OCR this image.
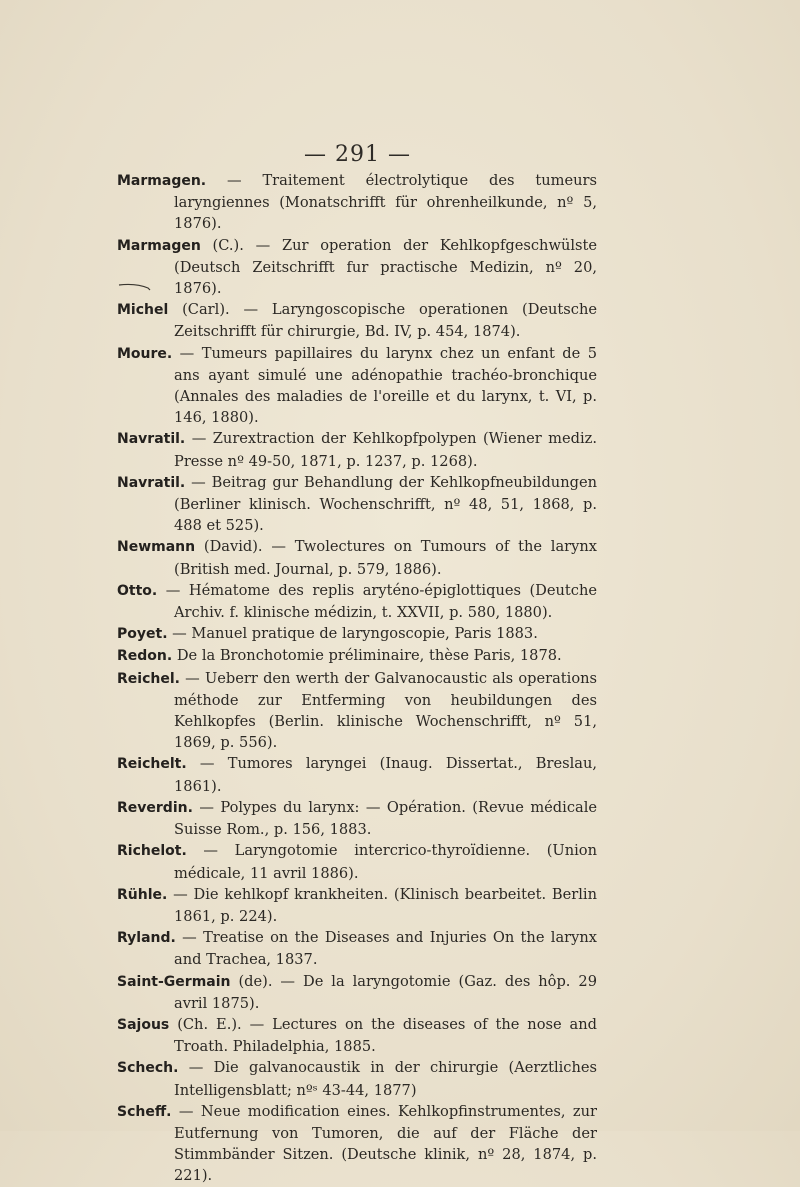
— 291 —

Marmagen. — Traitement électrolytique des tumeurs laryngiennes (Monatschrifft für ohrenheilkunde, nº 5, 1876).

Marmagen (C.). — Zur operation der Kehlkopfgeschwülste (Deutsch Zeitschrifft fur practische Medizin, nº 20, 1876).

Michel (Carl). — Laryngoscopische operationen (Deutsche Zeitschrifft für chirurgie, Bd. IV, p. 454, 1874).

Moure. — Tumeurs papillaires du larynx chez un enfant de 5 ans ayant simulé une adénopathie trachéo-bronchique (Annales des maladies de l'oreille et du larynx, t. VI, p. 146, 1880).

Navratil. — Zurextraction der Kehlkopfpolypen (Wiener mediz. Presse nº 49-50, 1871, p. 1237, p. 1268).

Navratil. — Beitrag gur Behandlung der Kehlkopfneubildungen (Berliner klinisch. Wochenschrifft, nº 48, 51, 1868, p. 488 et 525).

Newmann (David). — Twolectures on Tumours of the larynx (British med. Journal, p. 579, 1886).

Otto. — Hématome des replis aryténo-épiglottiques (Deutche Archiv. f. klinische médizin, t. XXVII, p. 580, 1880).

Poyet. — Manuel pratique de laryngoscopie, Paris 1883.

Redon. De la Bronchotomie préliminaire, thèse Paris, 1878.

Reichel. — Ueberr den werth der Galvanocaustic als operations méthode zur Entferming von heubildungen des Kehlkopfes (Berlin. klinische Wochenschrifft, nº 51, 1869, p. 556).

Reichelt. — Tumores laryngei (Inaug. Dissertat., Breslau, 1861).

Reverdin. — Polypes du larynx: — Opération. (Revue médicale Suisse Rom., p. 156, 1883.

Richelot. — Laryngotomie intercrico-thyroïdienne. (Union médicale, 11 avril 1886).

Rühle. — Die kehlkopf krankheiten. (Klinisch bearbeitet. Berlin 1861, p. 224).

Ryland. — Treatise on the Diseases and Injuries On the larynx and Trachea, 1837.

Saint-Germain (de). — De la laryngotomie (Gaz. des hôp. 29 avril 1875).

Sajous (Ch. E.). — Lectures on the diseases of the nose and Troath. Philadelphia, 1885.

Schech. — Die galvanocaustik in der chirurgie (Aerztliches Intelligensblatt; nºˢ 43-44, 1877)

Scheff. — Neue modification eines. Kehlkopfinstrumentes, zur Eutfernung von Tumoren, die auf der Fläche der Stimmbänder Sitzen. (Deutsche klinik, nº 28, 1874, p. 221).
